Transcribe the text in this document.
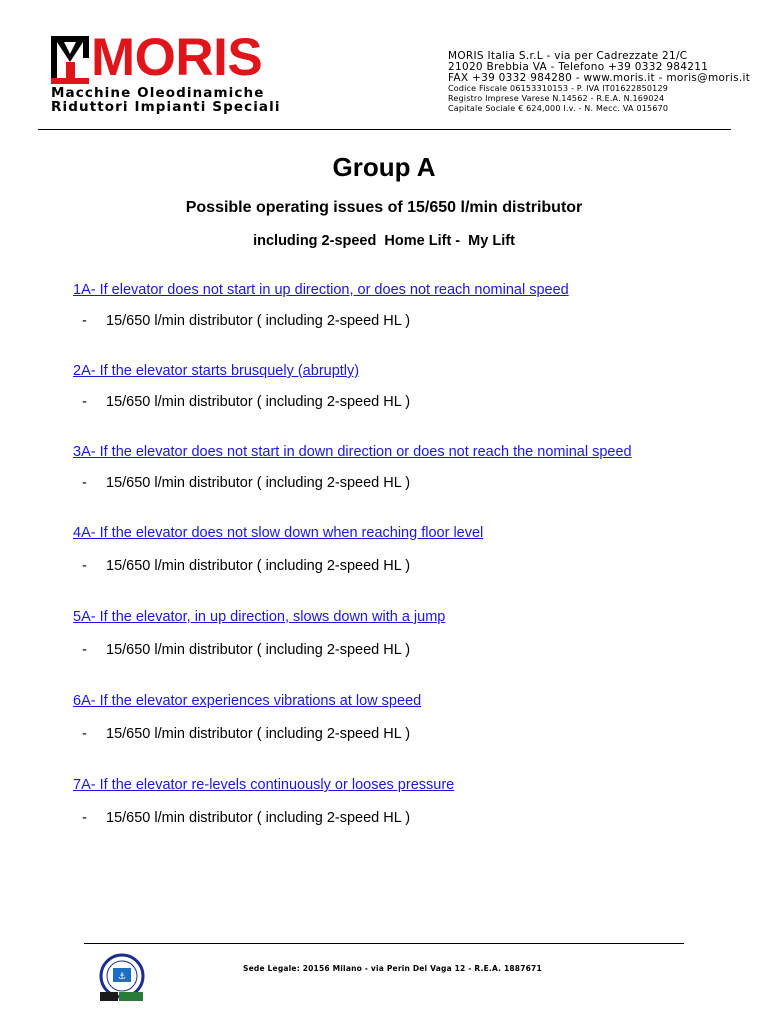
MORIS
Macchine Oleodinamiche
Riduttori Impianti Speciali
MORIS Italia S.r.L - via per Cadrezzate 21/C
21020 Brebbia VA - Telefono +39 0332 984211
FAX +39 0332 984280 - www.moris.it - moris@moris.it
Codice Fiscale 06153310153 - P. IVA IT01622850129
Registro Imprese Varese N.14562 - R.E.A. N.169024
Capitale Sociale € 624,000 I.v. - N. Mecc. VA 015670
Group A
Possible operating issues of 15/650 l/min distributor
including 2-speed  Home Lift -  My Lift
1A- If elevator does not start in up direction, or does not reach nominal speed
- 15/650 l/min distributor ( including 2-speed HL )
2A- If the elevator starts brusquely (abruptly)
- 15/650 l/min distributor ( including 2-speed HL )
3A- If the elevator does not start in down direction or does not reach the nominal speed
- 15/650 l/min distributor ( including 2-speed HL )
4A- If the elevator does not slow down when reaching floor level
- 15/650 l/min distributor ( including 2-speed HL )
5A- If the elevator, in up direction, slows down with a jump
- 15/650 l/min distributor ( including 2-speed HL )
6A- If the elevator experiences vibrations at low speed
- 15/650 l/min distributor ( including 2-speed HL )
7A- If the elevator re-levels continuously or looses pressure
- 15/650 l/min distributor ( including 2-speed HL )
⚓
Sede Legale: 20156 Milano - via Perin Del Vaga 12 - R.E.A. 1887671
